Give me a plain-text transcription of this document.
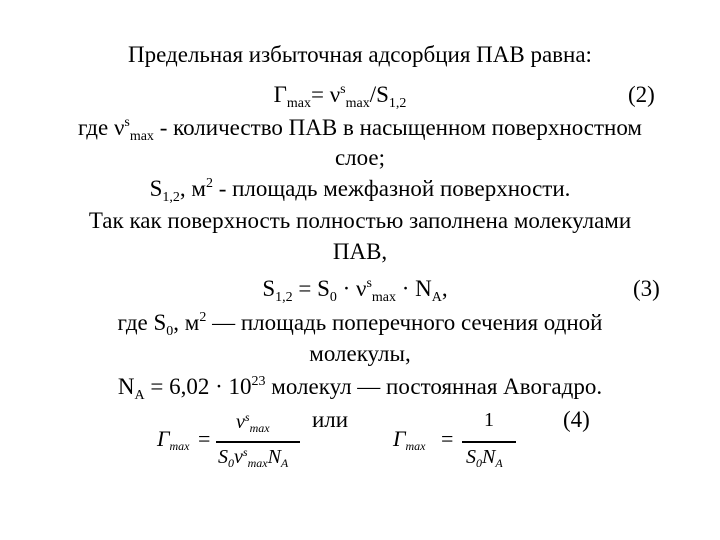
Предельная избыточная адсорбция ПАВ равна:
$\Gamma_{max}= \nu^s_{max}/S_{1,2}$	(2)
где $\nu^s_{max}$ - количество ПАВ в насыщенном поверхностном
слое;
$S_{1,2}$, $м^2$ - площадь межфазной поверхности.
Так как поверхность полностью заполнена молекулами
ПАВ,
$S_{1,2} = S_0 \cdot \nu^s_{max} \cdot N_A$,	(3)
где $S_0$, $м^2$ — площадь поперечного сечения одной
молекулы,
$N_A = 6,02 \cdot 10^{23}$ молекул — постоянная Авогадро.
или	(4)
$\Gamma_{max}$ =
$\nu^s_{max}$
$S_0\nu^s_{max}N_A$
$\Gamma_{max}$ =
1
$S_0N_A$
